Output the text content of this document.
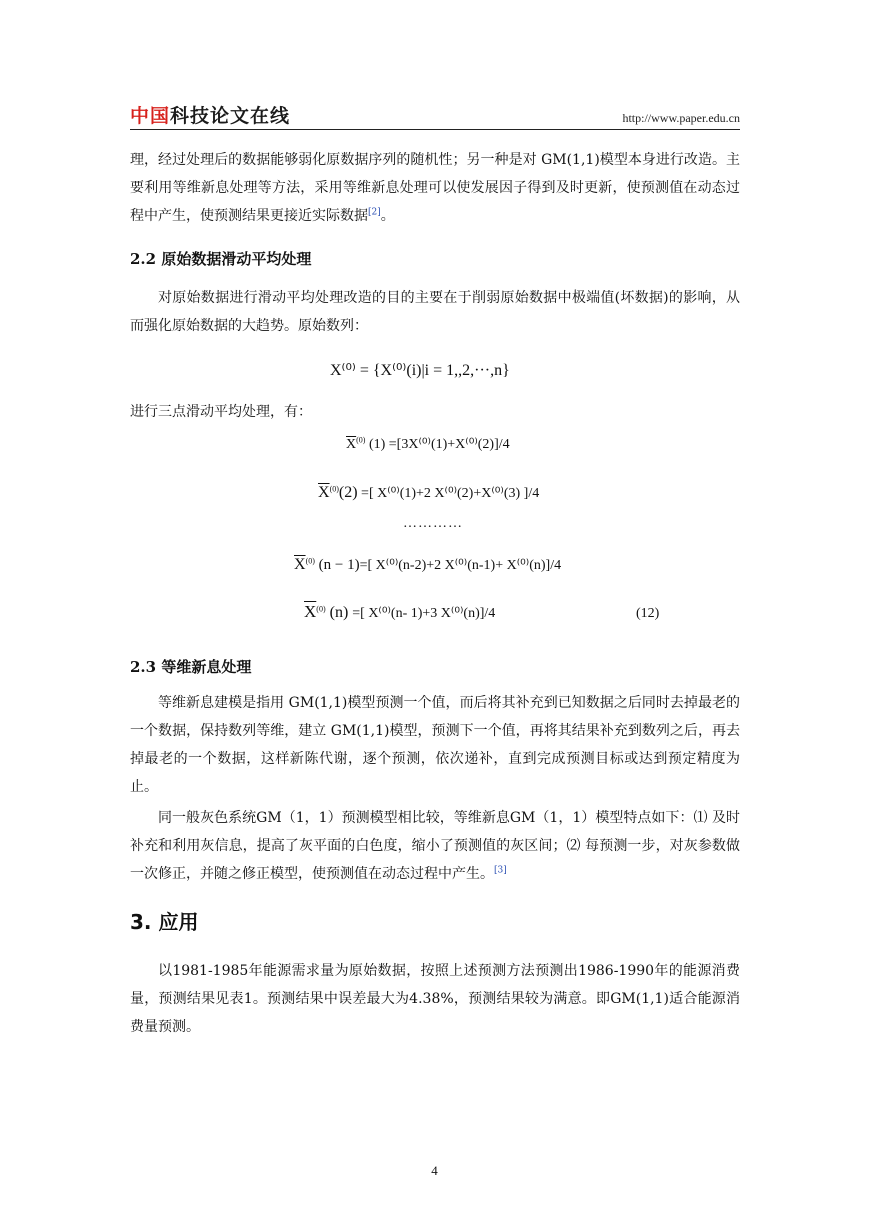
中国科技论文在线	http://www.paper.edu.cn
理，经过处理后的数据能够弱化原数据序列的随机性；另一种是对 GM(1,1)模型本身进行改造。主要利用等维新息处理等方法，采用等维新息处理可以使发展因子得到及时更新，使预测值在动态过程中产生，使预测结果更接近实际数据[2]。
2.2 原始数据滑动平均处理
对原始数据进行滑动平均处理改造的目的主要在于削弱原始数据中极端值(坏数据)的影响，从而强化原始数据的大趋势。原始数列：
X⁽⁰⁾ = {X⁽⁰⁾(i)|i = 1,,2,···,n}
进行三点滑动平均处理，有：
$\overline{X}^{(0)}$ (1) =[3X⁽⁰⁾(1)+X⁽⁰⁾(2)]/4
$\overline{X}^{(0)}(2)$ =[ X⁽⁰⁾(1)+2 X⁽⁰⁾(2)+X⁽⁰⁾(3) ]/4
…………
$\overline{X}^{(0)}$ (n − 1)=[ X⁽⁰⁾(n-2)+2 X⁽⁰⁾(n-1)+ X⁽⁰⁾(n)]/4
$\overline{X}^{(0)}$ (n) =[ X⁽⁰⁾(n- 1)+3 X⁽⁰⁾(n)]/4	(12)
2.3 等维新息处理
等维新息建模是指用 GM(1,1)模型预测一个值，而后将其补充到已知数据之后同时去掉最老的一个数据，保持数列等维，建立 GM(1,1)模型，预测下一个值，再将其结果补充到数列之后，再去掉最老的一个数据，这样新陈代谢，逐个预测，依次递补，直到完成预测目标或达到预定精度为止。
同一般灰色系统GM（1，1）预测模型相比较，等维新息GM（1，1）模型特点如下：⑴ 及时补充和利用灰信息，提高了灰平面的白色度，缩小了预测值的灰区间；⑵ 每预测一步，对灰参数做一次修正，并随之修正模型，使预测值在动态过程中产生。[3]
3. 应用
以1981-1985年能源需求量为原始数据，按照上述预测方法预测出1986-1990年的能源消费量，预测结果见表1。预测结果中误差最大为4.38%，预测结果较为满意。即GM(1,1)适合能源消费量预测。
4
